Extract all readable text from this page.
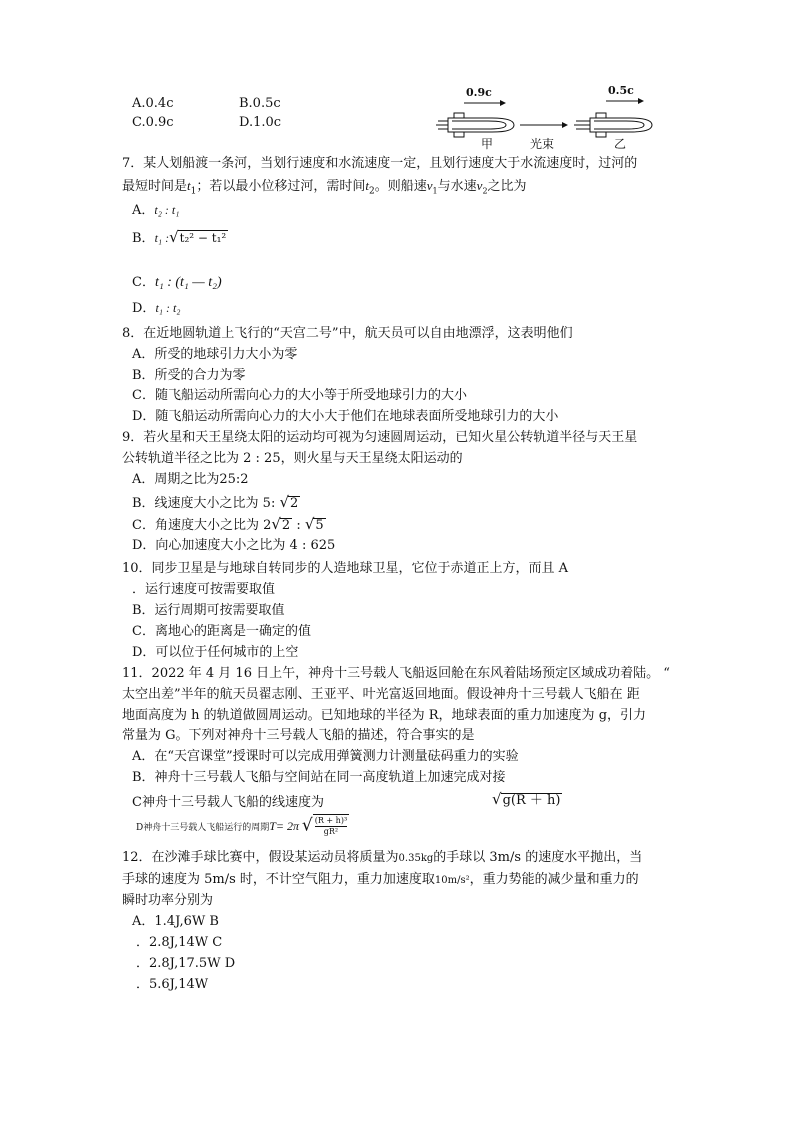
A.0.4c	B.0.5c
C.0.9c	D.1.0c
0.9c	0.5c
甲	光束	乙
7．某人划船渡一条河，当划行速度和水流速度一定，且划行速度大于水流速度时，过河的
最短时间是$t_1$；若以最小位移过河，需时间$t_2$。则船速$v_1$与水速$v_2$之比为
A．t₂ : t₁
B．t₁ :√t₂² − t₁²
C．t₁ : (t₁ — t₂)
D．t₁ : t₂
8．在近地圆轨道上飞行的“天宫二号”中，航天员可以自由地漂浮，这表明他们
A．所受的地球引力大小为零
B．所受的合力为零
C．随飞船运动所需向心力的大小等于所受地球引力的大小
D．随飞船运动所需向心力的大小大于他们在地球表面所受地球引力的大小
9．若火星和天王星绕太阳的运动均可视为匀速圆周运动，已知火星公转轨道半径与天王星
公转轨道半径之比为 2 : 25，则火星与天王星绕太阳运动的
A．周期之比为25:2
B．线速度大小之比为 5: √2
C．角速度大小之比为 2√2 : √5
D．向心加速度大小之比为 4 : 625
10．同步卫星是与地球自转同步的人造地球卫星，它位于赤道正上方，而且 A
．运行速度可按需要取值
B．运行周期可按需要取值
C．离地心的距离是一确定的值
D．可以位于任何城市的上空
11．2022 年 4 月 16 日上午，神舟十三号载人飞船返回舱在东风着陆场预定区域成功着陆。 “
太空出差”半年的航天员翟志刚、王亚平、叶光富返回地面。假设神舟十三号载人飞船在 距
地面高度为 h 的轨道做圆周运动。已知地球的半径为 R，地球表面的重力加速度为 g，引力
常量为 G。下列对神舟十三号载人飞船的描述，符合事实的是
A．在“天宫课堂”授课时可以完成用弹簧测力计测量砝码重力的实验
B．神舟十三号载人飞船与空间站在同一高度轨道上加速完成对接
C神舟十三号载人飞船的线速度为	√g(R ＋ h)
D神舟十三号载人飞船运行的周期T= 2π √ $\frac{\text{(R + h)³}}{\text{gR²}}$
12．在沙滩手球比赛中，假设某运动员将质量为0.35kg的手球以 3m/s 的速度水平抛出，当
手球的速度为 5m/s 时，不计空气阻力，重力加速度取10m/s²，重力势能的减少量和重力的
瞬时功率分别为
A．1.4J,6W B
．2.8J,14W C
．2.8J,17.5W D
．5.6J,14W
